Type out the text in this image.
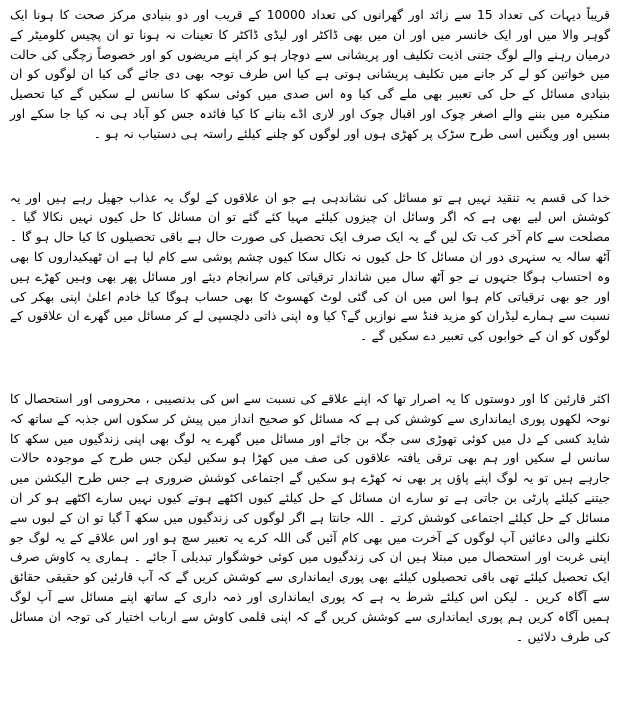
قریباً دیہات کی تعداد 15 سے زائد اور گھرانوں کی تعداد 10000 کے قریب اور دو بنیادی مرکز صحت کا ہونا ایک گوہر والا میں اور ایک خانسر میں اور ان میں بھی ڈاکٹر اور لیڈی ڈاکٹر کا تعینات نہ ہونا تو ان پچیس کلومیٹر کے درمیان رہنے والے لوگ جتنی اذیت تکلیف اور پریشانی سے دوچار ہو کر اپنے مریضوں کو اور خصوصاً زچگی کی حالت میں خواتین کو لے کر جانے میں تکلیف پریشانی ہوتی ہے کیا اس طرف توجہ بھی دی جائے گی کیا ان لوگوں کو ان بنیادی مسائل کے حل کی تعبیر بھی ملے گی کیا وہ اس صدی میں کوئی سکھ کا سانس لے سکیں گے کیا تحصیل منکیرہ میں بننے والے اصغر چوک اور اقبال چوک اور لاری اڈے بنانے کا کیا فائدہ جس کو آباد ہی نہ کیا جا سکے اور بسیں اور ویگنیں اسی طرح سڑک پر کھڑی ہوں اور لوگوں کو چلنے کیلئے راستہ ہی دستیاب نہ ہو ۔

خدا کی قسم یہ تنقید نہیں ہے تو مسائل کی نشاندہی ہے جو ان علاقوں کے لوگ یہ عذاب جھیل رہے ہیں اور یہ کوشش اس لیے بھی ہے کہ اگر وسائل ان چیزوں کیلئے مہیا کئے گئے تو ان مسائل کا حل کیوں نہیں نکالا گیا ۔ مصلحت سے کام آخر کب تک لیں گے یہ ایک صرف ایک تحصیل کی صورت حال ہے باقی تحصیلوں کا کیا حال ہو گا ۔ آٹھ سالہ یہ سنہری دور ان مسائل کا حل کیوں نہ نکال سکا کیوں چشم پوشی سے کام لیا ہے ان ٹھیکیداروں کا بھی وہ احتساب ہوگا جنہوں نے جو آٹھ سال میں شاندار ترقیاتی کام سرانجام دیئے اور مسائل پھر بھی وہیں کھڑے ہیں اور جو بھی ترقیاتی کام ہوا اس میں ان کی گئی لوٹ کھسوٹ کا بھی حساب ہوگا کیا خادم اعلیٰ اپنی بھکر کی نسبت سے ہمارے لیڈران کو مزید فنڈ سے نوازیں گے؟ کیا وہ اپنی ذاتی دلچسپی لے کر مسائل میں گھرے ان علاقوں کے لوگوں کو ان کے خوابوں کی تعبیر دے سکیں گے ۔

اکثر قارئین کا اور دوستوں کا یہ اصرار تھا کہ اپنے علاقے کی نسبت سے اس کی بدنصیبی ، محرومی اور استحصال کا نوحہ لکھوں پوری ایمانداری سے کوشش کی ہے کہ مسائل کو صحیح انداز میں پیش کر سکوں اس جذبہ کے ساتھ کہ شاید کسی کے دل میں کوئی تھوڑی سی جگہ بن جائے اور مسائل میں گھرے یہ لوگ بھی اپنی زندگیوں میں سکھ کا سانس لے سکیں اور ہم بھی ترقی یافتہ علاقوں کی صف میں کھڑا ہو سکیں لیکن جس طرح کے موجودہ حالات جارہے ہیں تو یہ لوگ اپنے پاؤں پر بھی نہ کھڑے ہو سکیں گے اجتماعی کوشش ضروری ہے جس طرح الیکشن میں جیتنے کیلئے پارٹی بن جاتی ہے تو سارے ان مسائل کے حل کیلئے کیوں اکٹھے ہوتے کیوں نہیں سارے اکٹھے ہو کر ان مسائل کے حل کیلئے اجتماعی کوشش کرتے ۔ اللہ جانتا ہے اگر لوگوں کی زندگیوں میں سکھ آ گیا تو ان کے لبوں سے نکلنے والی دعائیں آپ لوگوں کے آخرت میں بھی کام آئیں گی اللہ کرے یہ تعبیر سچ ہو اور اس علاقے کے یہ لوگ جو اپنی غربت اور استحصال میں مبتلا ہیں ان کی زندگیوں میں کوئی خوشگوار تبدیلی آ جائے ۔ ہماری یہ کاوش صرف ایک تحصیل کیلئے تھی باقی تحصیلوں کیلئے بھی پوری ایمانداری سے کوشش کریں گے کہ آپ قارئین کو حقیقی حقائق سے آگاہ کریں ۔ لیکن اس کیلئے شرط یہ ہے کہ پوری ایمانداری اور ذمہ داری کے ساتھ اپنے مسائل سے آپ لوگ ہمیں آگاہ کریں ہم پوری ایمانداری سے کوشش کریں گے کہ اپنی قلمی کاوش سے ارباب اختیار کی توجہ ان مسائل کی طرف دلائیں ۔
